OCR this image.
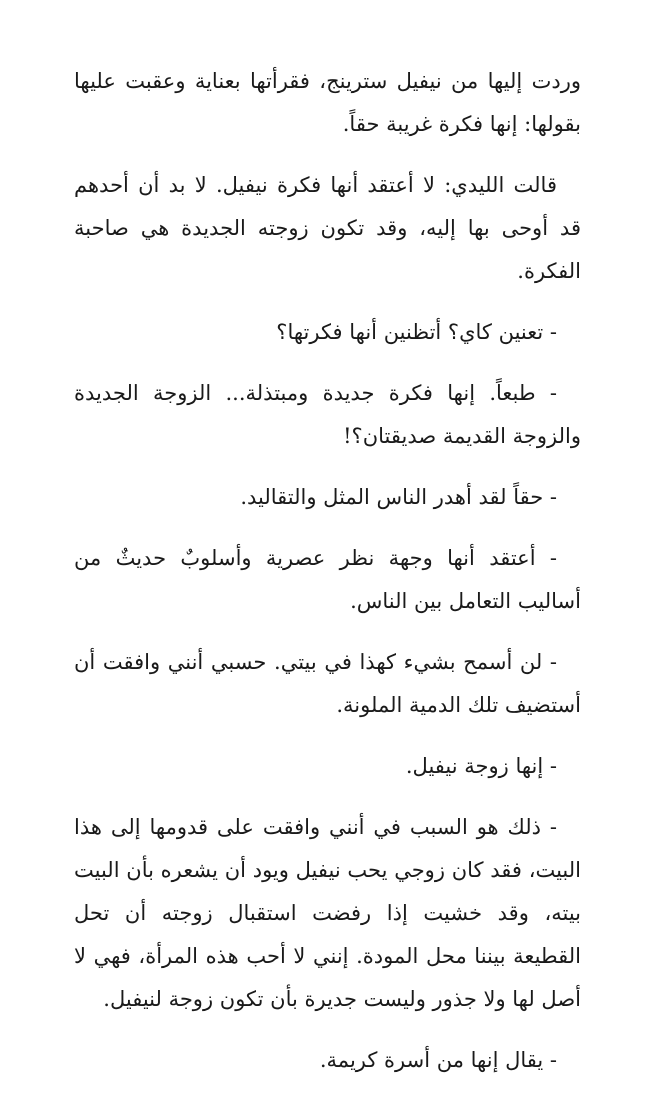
وردت إليها من نيفيل سترينج، فقرأتها بعناية وعقبت عليها بقولها: إنها فكرة غريبة حقاً.

قالت الليدي: لا أعتقد أنها فكرة نيفيل. لا بد أن أحدهم قد أوحى بها إليه، وقد تكون زوجته الجديدة هي صاحبة الفكرة.

- تعنين كاي؟ أتظنين أنها فكرتها؟

- طبعاً. إنها فكرة جديدة ومبتذلة... الزوجة الجديدة والزوجة القديمة صديقتان؟!

- حقاً لقد أهدر الناس المثل والتقاليد.

- أعتقد أنها وجهة نظر عصرية وأسلوبٌ حديثٌ من أساليب التعامل بين الناس.

- لن أسمح بشيء كهذا في بيتي. حسبي أنني وافقت أن أستضيف تلك الدمية الملونة.

- إنها زوجة نيفيل.

- ذلك هو السبب في أنني وافقت على قدومها إلى هذا البيت، فقد كان زوجي يحب نيفيل ويود أن يشعره بأن البيت بيته، وقد خشيت إذا رفضت استقبال زوجته أن تحل القطيعة بيننا محل المودة. إنني لا أحب هذه المرأة، فهي لا أصل لها ولا جذور وليست جديرة بأن تكون زوجة لنيفيل.

- يقال إنها من أسرة كريمة.
